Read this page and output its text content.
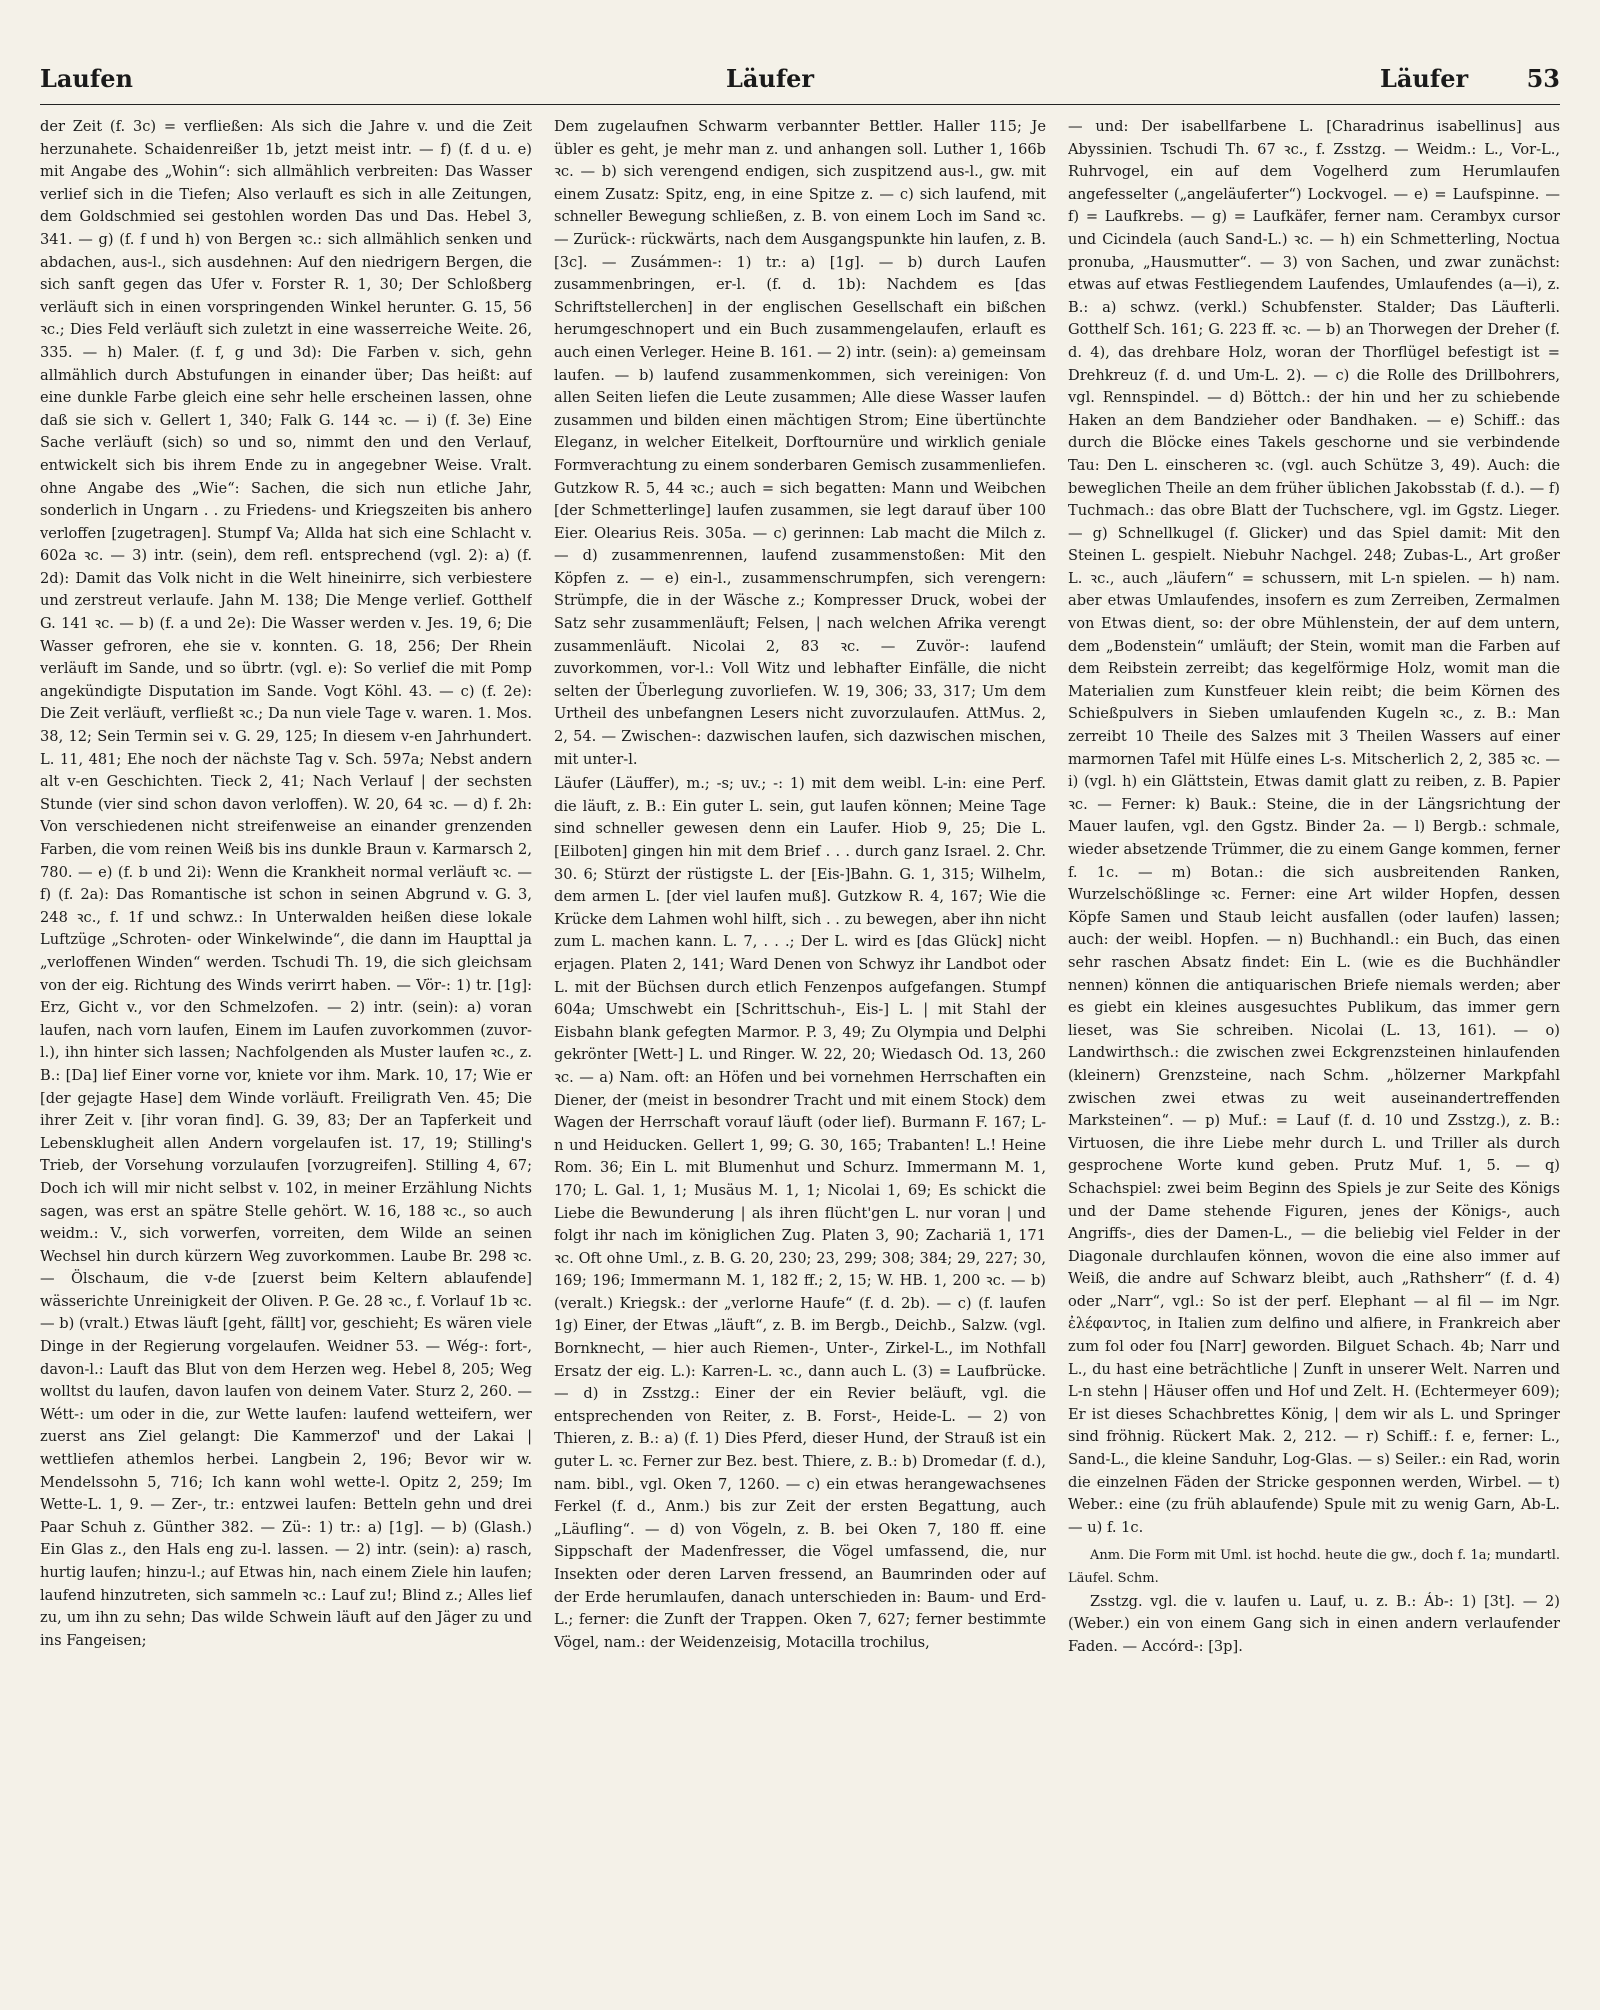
Laufen	Läufer	Läufer	53

der Zeit (f. 3c) = verfließen: Als sich die Jahre v. und die Zeit herzunahete. Schaidenreißer 1b, jetzt meist intr. — f) (f. d u. e) mit Angabe des „Wohin“: sich allmählich verbreiten: Das Wasser verlief sich in die Tiefen; Also verlauft es sich in alle Zeitungen, dem Goldschmied sei gestohlen worden Das und Das. Hebel 3, 341. — g) (f. f und h) von Bergen ꝛc.: sich allmählich senken und abdachen, aus-l., sich ausdehnen: Auf den niedrigern Bergen, die sich sanft gegen das Ufer v. Forster R. 1, 30; Der Schloßberg verläuft sich in einen vorspringenden Winkel herunter. G. 15, 56 ꝛc.; Dies Feld verläuft sich zuletzt in eine wasserreiche Weite. 26, 335. — h) Maler. (f. f, g und 3d): Die Farben v. sich, gehn allmählich durch Abstufungen in einander über; Das heißt: auf eine dunkle Farbe gleich eine sehr helle erscheinen lassen, ohne daß sie sich v. Gellert 1, 340; Falk G. 144 ꝛc. — i) (f. 3e) Eine Sache verläuft (sich) so und so, nimmt den und den Verlauf, entwickelt sich bis ihrem Ende zu in angegebner Weise. Vralt. ohne Angabe des „Wie“: Sachen, die sich nun etliche Jahr, sonderlich in Ungarn . . zu Friedens- und Kriegszeiten bis anhero verloffen [zugetragen]. Stumpf Va; Allda hat sich eine Schlacht v. 602a ꝛc. — 3) intr. (sein), dem refl. entsprechend (vgl. 2): a) (f. 2d): Damit das Volk nicht in die Welt hineinirre, sich verbiestere und zerstreut verlaufe. Jahn M. 138; Die Menge verlief. Gotthelf G. 141 ꝛc. — b) (f. a und 2e): Die Wasser werden v. Jes. 19, 6; Die Wasser gefroren, ehe sie v. konnten. G. 18, 256; Der Rhein verläuft im Sande, und so übrtr. (vgl. e): So verlief die mit Pomp angekündigte Disputation im Sande. Vogt Köhl. 43. — c) (f. 2e): Die Zeit verläuft, verfließt ꝛc.; Da nun viele Tage v. waren. 1. Mos. 38, 12; Sein Termin sei v. G. 29, 125; In diesem v-en Jahrhundert. L. 11, 481; Ehe noch der nächste Tag v. Sch. 597a; Nebst andern alt v-en Geschichten. Tieck 2, 41; Nach Verlauf | der sechsten Stunde (vier sind schon davon verloffen). W. 20, 64 ꝛc. — d) f. 2h: Von verschiedenen nicht streifenweise an einander grenzenden Farben, die vom reinen Weiß bis ins dunkle Braun v. Karmarsch 2, 780. — e) (f. b und 2i): Wenn die Krankheit normal verläuft ꝛc. — f) (f. 2a): Das Romantische ist schon in seinen Abgrund v. G. 3, 248 ꝛc., f. 1f und schwz.: In Unterwalden heißen diese lokale Luftzüge „Schroten- oder Winkelwinde“, die dann im Haupttal ja „verloffenen Winden“ werden. Tschudi Th. 19, die sich gleichsam von der eig. Richtung des Winds verirrt haben. — Vör-: 1) tr. [1g]: Erz, Gicht v., vor den Schmelzofen. — 2) intr. (sein): a) voran laufen, nach vorn laufen, Einem im Laufen zuvorkommen (zuvor-l.), ihn hinter sich lassen; Nachfolgenden als Muster laufen ꝛc., z. B.: [Da] lief Einer vorne vor, kniete vor ihm. Mark. 10, 17; Wie er [der gejagte Hase] dem Winde vorläuft. Freiligrath Ven. 45; Die ihrer Zeit v. [ihr voran find]. G. 39, 83; Der an Tapferkeit und Lebensklugheit allen Andern vorgelaufen ist. 17, 19; Stilling's Trieb, der Vorsehung vorzulaufen [vorzugreifen]. Stilling 4, 67; Doch ich will mir nicht selbst v. 102, in meiner Erzählung Nichts sagen, was erst an spätre Stelle gehört. W. 16, 188 ꝛc., so auch weidm.: V., sich vorwerfen, vorreiten, dem Wilde an seinen Wechsel hin durch kürzern Weg zuvorkommen. Laube Br. 298 ꝛc. — Ölschaum, die v-de [zuerst beim Keltern ablaufende] wässerichte Unreinigkeit der Oliven. P. Ge. 28 ꝛc., f. Vorlauf 1b ꝛc. — b) (vralt.) Etwas läuft [geht, fällt] vor, geschieht; Es wären viele Dinge in der Regierung vorgelaufen. Weidner 53. — Wég-: fort-, davon-l.: Lauft das Blut von dem Herzen weg. Hebel 8, 205; Weg wolltst du laufen, davon laufen von deinem Vater. Sturz 2, 260. — Wétt-: um oder in die, zur Wette laufen: laufend wetteifern, wer zuerst ans Ziel gelangt: Die Kammerzof' und der Lakai | wettliefen athemlos herbei. Langbein 2, 196; Bevor wir w. Mendelssohn 5, 716; Ich kann wohl wette-l. Opitz 2, 259; Im Wette-L. 1, 9. — Zer-, tr.: entzwei laufen: Betteln gehn und drei Paar Schuh z. Günther 382. — Zü-: 1) tr.: a) [1g]. — b) (Glash.) Ein Glas z., den Hals eng zu-l. lassen. — 2) intr. (sein): a) rasch, hurtig laufen; hinzu-l.; auf Etwas hin, nach einem Ziele hin laufen; laufend hinzutreten, sich sammeln ꝛc.: Lauf zu!; Blind z.; Alles lief zu, um ihn zu sehn; Das wilde Schwein läuft auf den Jäger zu und ins Fangeisen;

Dem zugelaufnen Schwarm verbannter Bettler. Haller 115; Je übler es geht, je mehr man z. und anhangen soll. Luther 1, 166b ꝛc. — b) sich verengend endigen, sich zuspitzend aus-l., gw. mit einem Zusatz: Spitz, eng, in eine Spitze z. — c) sich laufend, mit schneller Bewegung schließen, z. B. von einem Loch im Sand ꝛc. — Zurück-: rückwärts, nach dem Ausgangspunkte hin laufen, z. B. [3c]. — Zusámmen-: 1) tr.: a) [1g]. — b) durch Laufen zusammenbringen, er-l. (f. d. 1b): Nachdem es [das Schriftstellerchen] in der englischen Gesellschaft ein bißchen herumgeschnopert und ein Buch zusammengelaufen, erlauft es auch einen Verleger. Heine B. 161. — 2) intr. (sein): a) gemeinsam laufen. — b) laufend zusammenkommen, sich vereinigen: Von allen Seiten liefen die Leute zusammen; Alle diese Wasser laufen zusammen und bilden einen mächtigen Strom; Eine übertünchte Eleganz, in welcher Eitelkeit, Dorftournüre und wirklich geniale Formverachtung zu einem sonderbaren Gemisch zusammenliefen. Gutzkow R. 5, 44 ꝛc.; auch = sich begatten: Mann und Weibchen [der Schmetterlinge] laufen zusammen, sie legt darauf über 100 Eier. Olearius Reis. 305a. — c) gerinnen: Lab macht die Milch z. — d) zusammenrennen, laufend zusammenstoßen: Mit den Köpfen z. — e) ein-l., zusammenschrumpfen, sich verengern: Strümpfe, die in der Wäsche z.; Kompresser Druck, wobei der Satz sehr zusammenläuft; Felsen, | nach welchen Afrika verengt zusammenläuft. Nicolai 2, 83 ꝛc. — Zuvör-: laufend zuvorkommen, vor-l.: Voll Witz und lebhafter Einfälle, die nicht selten der Überlegung zuvorliefen. W. 19, 306; 33, 317; Um dem Urtheil des unbefangnen Lesers nicht zuvorzulaufen. AttMus. 2, 2, 54. — Zwischen-: dazwischen laufen, sich dazwischen mischen, mit unter-l.

Läufer (Läuffer), m.; -s; uv.; -: 1) mit dem weibl. L-in: eine Perf. die läuft, z. B.: Ein guter L. sein, gut laufen können; Meine Tage sind schneller gewesen denn ein Laufer. Hiob 9, 25; Die L. [Eilboten] gingen hin mit dem Brief . . . durch ganz Israel. 2. Chr. 30. 6; Stürzt der rüstigste L. der [Eis-]Bahn. G. 1, 315; Wilhelm, dem armen L. [der viel laufen muß]. Gutzkow R. 4, 167; Wie die Krücke dem Lahmen wohl hilft, sich . . zu bewegen, aber ihn nicht zum L. machen kann. L. 7, . . .; Der L. wird es [das Glück] nicht erjagen. Platen 2, 141; Ward Denen von Schwyz ihr Landbot oder L. mit der Büchsen durch etlich Fenzenpos aufgefangen. Stumpf 604a; Umschwebt ein [Schrittschuh-, Eis-] L. | mit Stahl der Eisbahn blank gefegten Marmor. P. 3, 49; Zu Olympia und Delphi gekrönter [Wett-] L. und Ringer. W. 22, 20; Wiedasch Od. 13, 260 ꝛc. — a) Nam. oft: an Höfen und bei vornehmen Herrschaften ein Diener, der (meist in besondrer Tracht und mit einem Stock) dem Wagen der Herrschaft vorauf läuft (oder lief). Burmann F. 167; L-n und Heiducken. Gellert 1, 99; G. 30, 165; Trabanten! L.! Heine Rom. 36; Ein L. mit Blumenhut und Schurz. Immermann M. 1, 170; L. Gal. 1, 1; Musäus M. 1, 1; Nicolai 1, 69; Es schickt die Liebe die Bewunderung | als ihren flücht'gen L. nur voran | und folgt ihr nach im königlichen Zug. Platen 3, 90; Zachariä 1, 171 ꝛc. Oft ohne Uml., z. B. G. 20, 230; 23, 299; 308; 384; 29, 227; 30, 169; 196; Immermann M. 1, 182 ff.; 2, 15; W. HB. 1, 200 ꝛc. — b) (veralt.) Kriegsk.: der „verlorne Haufe“ (f. d. 2b). — c) (f. laufen 1g) Einer, der Etwas „läuft“, z. B. im Bergb., Deichb., Salzw. (vgl. Bornknecht, — hier auch Riemen-, Unter-, Zirkel-L., im Nothfall Ersatz der eig. L.): Karren-L. ꝛc., dann auch L. (3) = Laufbrücke. — d) in Zsstzg.: Einer der ein Revier beläuft, vgl. die entsprechenden von Reiter, z. B. Forst-, Heide-L. — 2) von Thieren, z. B.: a) (f. 1) Dies Pferd, dieser Hund, der Strauß ist ein guter L. ꝛc. Ferner zur Bez. best. Thiere, z. B.: b) Dromedar (f. d.), nam. bibl., vgl. Oken 7, 1260. — c) ein etwas herangewachsenes Ferkel (f. d., Anm.) bis zur Zeit der ersten Begattung, auch „Läufling“. — d) von Vögeln, z. B. bei Oken 7, 180 ff. eine Sippschaft der Madenfresser, die Vögel umfassend, die, nur Insekten oder deren Larven fressend, an Baumrinden oder auf der Erde herumlaufen, danach unterschieden in: Baum- und Erd-L.; ferner: die Zunft der Trappen. Oken 7, 627; ferner bestimmte Vögel, nam.: der Weidenzeisig, Motacilla trochilus,

— und: Der isabellfarbene L. [Charadrinus isabellinus] aus Abyssinien. Tschudi Th. 67 ꝛc., f. Zsstzg. — Weidm.: L., Vor-L., Ruhrvogel, ein auf dem Vogelherd zum Herumlaufen angefesselter („angeläuferter“) Lockvogel. — e) = Laufspinne. — f) = Laufkrebs. — g) = Laufkäfer, ferner nam. Cerambyx cursor und Cicindela (auch Sand-L.) ꝛc. — h) ein Schmetterling, Noctua pronuba, „Hausmutter“. — 3) von Sachen, und zwar zunächst: etwas auf etwas Festliegendem Laufendes, Umlaufendes (a—i), z. B.: a) schwz. (verkl.) Schubfenster. Stalder; Das Läufterli. Gotthelf Sch. 161; G. 223 ff. ꝛc. — b) an Thorwegen der Dreher (f. d. 4), das drehbare Holz, woran der Thorflügel befestigt ist = Drehkreuz (f. d. und Um-L. 2). — c) die Rolle des Drillbohrers, vgl. Rennspindel. — d) Böttch.: der hin und her zu schiebende Haken an dem Bandzieher oder Bandhaken. — e) Schiff.: das durch die Blöcke eines Takels geschorne und sie verbindende Tau: Den L. einscheren ꝛc. (vgl. auch Schütze 3, 49). Auch: die beweglichen Theile an dem früher üblichen Jakobsstab (f. d.). — f) Tuchmach.: das obre Blatt der Tuchschere, vgl. im Ggstz. Lieger. — g) Schnellkugel (f. Glicker) und das Spiel damit: Mit den Steinen L. gespielt. Niebuhr Nachgel. 248; Zubas-L., Art großer L. ꝛc., auch „läufern“ = schussern, mit L-n spielen. — h) nam. aber etwas Umlaufendes, insofern es zum Zerreiben, Zermalmen von Etwas dient, so: der obre Mühlenstein, der auf dem untern, dem „Bodenstein“ umläuft; der Stein, womit man die Farben auf dem Reibstein zerreibt; das kegelförmige Holz, womit man die Materialien zum Kunstfeuer klein reibt; die beim Körnen des Schießpulvers in Sieben umlaufenden Kugeln ꝛc., z. B.: Man zerreibt 10 Theile des Salzes mit 3 Theilen Wassers auf einer marmornen Tafel mit Hülfe eines L-s. Mitscherlich 2, 2, 385 ꝛc. — i) (vgl. h) ein Glättstein, Etwas damit glatt zu reiben, z. B. Papier ꝛc. — Ferner: k) Bauk.: Steine, die in der Längsrichtung der Mauer laufen, vgl. den Ggstz. Binder 2a. — l) Bergb.: schmale, wieder absetzende Trümmer, die zu einem Gange kommen, ferner f. 1c. — m) Botan.: die sich ausbreitenden Ranken, Wurzelschößlinge ꝛc. Ferner: eine Art wilder Hopfen, dessen Köpfe Samen und Staub leicht ausfallen (oder laufen) lassen; auch: der weibl. Hopfen. — n) Buchhandl.: ein Buch, das einen sehr raschen Absatz findet: Ein L. (wie es die Buchhändler nennen) können die antiquarischen Briefe niemals werden; aber es giebt ein kleines ausgesuchtes Publikum, das immer gern lieset, was Sie schreiben. Nicolai (L. 13, 161). — o) Landwirthsch.: die zwischen zwei Eckgrenzsteinen hinlaufenden (kleinern) Grenzsteine, nach Schm. „hölzerner Markpfahl zwischen zwei etwas zu weit auseinandertreffenden Marksteinen“. — p) Muf.: = Lauf (f. d. 10 und Zsstzg.), z. B.: Virtuosen, die ihre Liebe mehr durch L. und Triller als durch gesprochene Worte kund geben. Prutz Muf. 1, 5. — q) Schachspiel: zwei beim Beginn des Spiels je zur Seite des Königs und der Dame stehende Figuren, jenes der Königs-, auch Angriffs-, dies der Damen-L., — die beliebig viel Felder in der Diagonale durchlaufen können, wovon die eine also immer auf Weiß, die andre auf Schwarz bleibt, auch „Rathsherr“ (f. d. 4) oder „Narr“, vgl.: So ist der perf. Elephant — al fil — im Ngr. ἐλέφαντος, in Italien zum delfino und alfiere, in Frankreich aber zum fol oder fou [Narr] geworden. Bilguet Schach. 4b; Narr und L., du hast eine beträchtliche | Zunft in unserer Welt. Narren und L-n stehn | Häuser offen und Hof und Zelt. H. (Echtermeyer 609); Er ist dieses Schachbrettes König, | dem wir als L. und Springer sind fröhnig. Rückert Mak. 2, 212. — r) Schiff.: f. e, ferner: L., Sand-L., die kleine Sanduhr, Log-Glas. — s) Seiler.: ein Rad, worin die einzelnen Fäden der Stricke gesponnen werden, Wirbel. — t) Weber.: eine (zu früh ablaufende) Spule mit zu wenig Garn, Ab-L. — u) f. 1c.

Anm. Die Form mit Uml. ist hochd. heute die gw., doch f. 1a; mundartl. Läufel. Schm.

Zsstzg. vgl. die v. laufen u. Lauf, u. z. B.: Áb-: 1) [3t]. — 2) (Weber.) ein von einem Gang sich in einen andern verlaufender Faden. — Accórd-: [3p].
